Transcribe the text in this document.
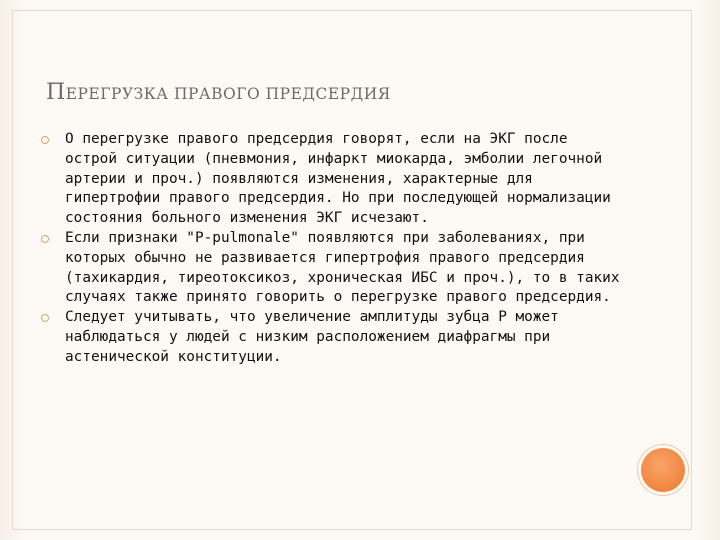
ПЕРЕГРУЗКА ПРАВОГО ПРЕДСЕРДИЯ
О перегрузке правого предсердия говорят, если на ЭКГ после острой ситуации (пневмония, инфаркт миокарда, эмболии легочной артерии и проч.) появляются изменения, характерные для гипертрофии правого предсердия. Но при последующей нормализации состояния больного изменения ЭКГ исчезают.
Если признаки "P-pulmonale" появляются при заболеваниях, при которых обычно не развивается гипертрофия правого предсердия (тахикардия, тиреотоксикоз, хроническая ИБС и проч.), то в таких случаях также принято говорить о перегрузке правого предсердия.
Следует учитывать, что увеличение амплитуды зубца Р может наблюдаться у людей с низким расположением диафрагмы при астенической конституции.
